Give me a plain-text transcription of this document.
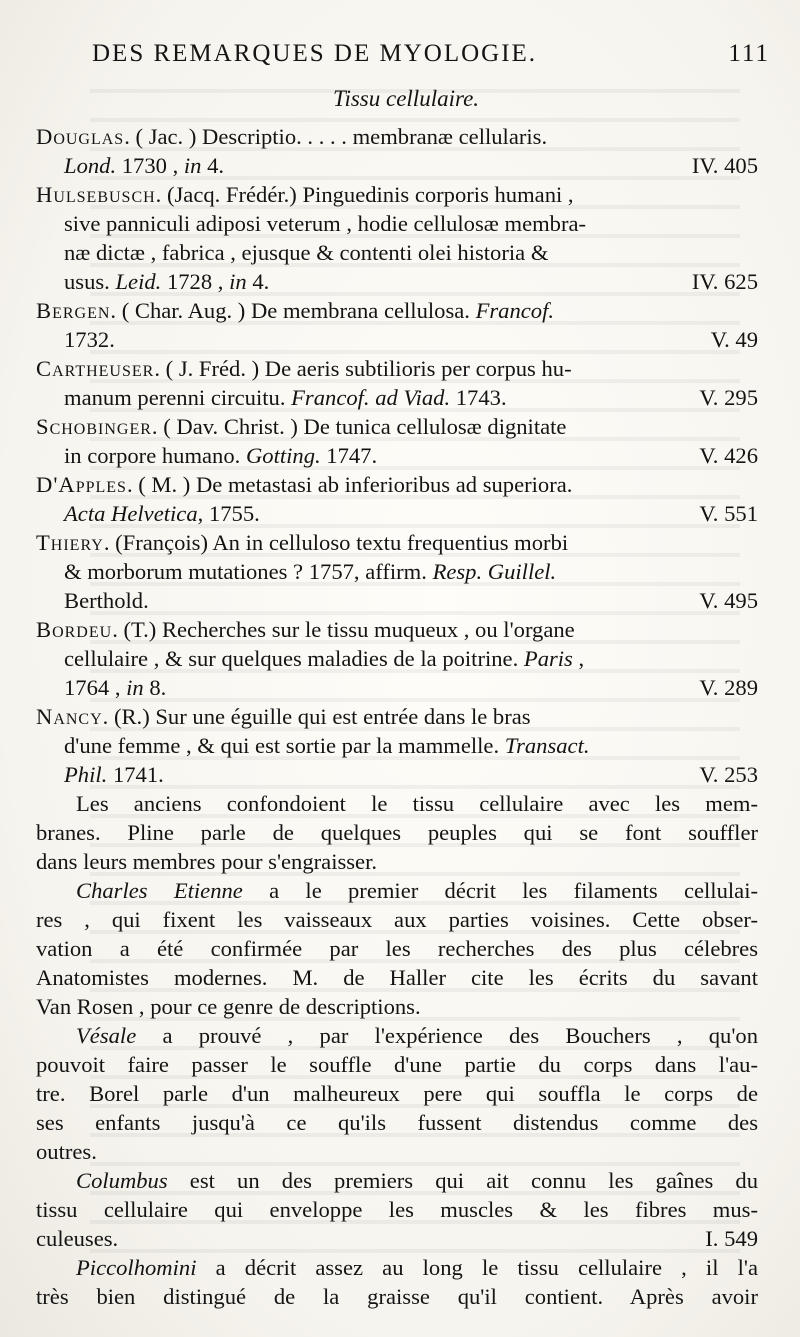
DES REMARQUES DE MYOLOGIE.	111
Tissu cellulaire.
Douglas. ( Jac. ) Descriptio. . . . . membranæ cellularis.
Lond. 1730 , in 4.	IV. 405
Hulsebusch. (Jacq. Frédér.) Pinguedinis corporis humani ,
sive panniculi adiposi veterum , hodie cellulosæ membra-
næ dictæ , fabrica , ejusque & contenti olei historia &
usus. Leid. 1728 , in 4.	IV. 625
Bergen. ( Char. Aug. ) De membrana cellulosa. Francof.
1732.	V. 49
Cartheuser. ( J. Fréd. ) De aeris subtilioris per corpus hu-
manum perenni circuitu. Francof. ad Viad. 1743.	V. 295
Schobinger. ( Dav. Christ. ) De tunica cellulosæ dignitate
in corpore humano. Gotting. 1747.	V. 426
D'Apples. ( M. ) De metastasi ab inferioribus ad superiora.
Acta Helvetica, 1755.	V. 551
Thiery. (François) An in celluloso textu frequentius morbi
& morborum mutationes ? 1757, affirm. Resp. Guillel.
Berthold.	V. 495
Bordeu. (T.) Recherches sur le tissu muqueux , ou l'organe
cellulaire , & sur quelques maladies de la poitrine. Paris ,
1764 , in 8.	V. 289
Nancy. (R.) Sur une éguille qui est entrée dans le bras
d'une femme , & qui est sortie par la mammelle. Transact.
Phil. 1741.	V. 253
Les anciens confondoient le tissu cellulaire avec les mem-
branes. Pline parle de quelques peuples qui se font souffler
dans leurs membres pour s'engraisser.
Charles Etienne a le premier décrit les filaments cellulai-
res , qui fixent les vaisseaux aux parties voisines. Cette obser-
vation a été confirmée par les recherches des plus célebres
Anatomistes modernes. M. de Haller cite les écrits du savant
Van Rosen , pour ce genre de descriptions.
Vésale a prouvé , par l'expérience des Bouchers , qu'on
pouvoit faire passer le souffle d'une partie du corps dans l'au-
tre. Borel parle d'un malheureux pere qui souffla le corps de
ses enfants jusqu'à ce qu'ils fussent distendus comme des
outres.
Columbus est un des premiers qui ait connu les gaînes du
tissu cellulaire qui enveloppe les muscles & les fibres mus-
culeuses.	I. 549
Piccolhomini a décrit assez au long le tissu cellulaire , il l'a
très bien distingué de la graisse qu'il contient. Après avoir
